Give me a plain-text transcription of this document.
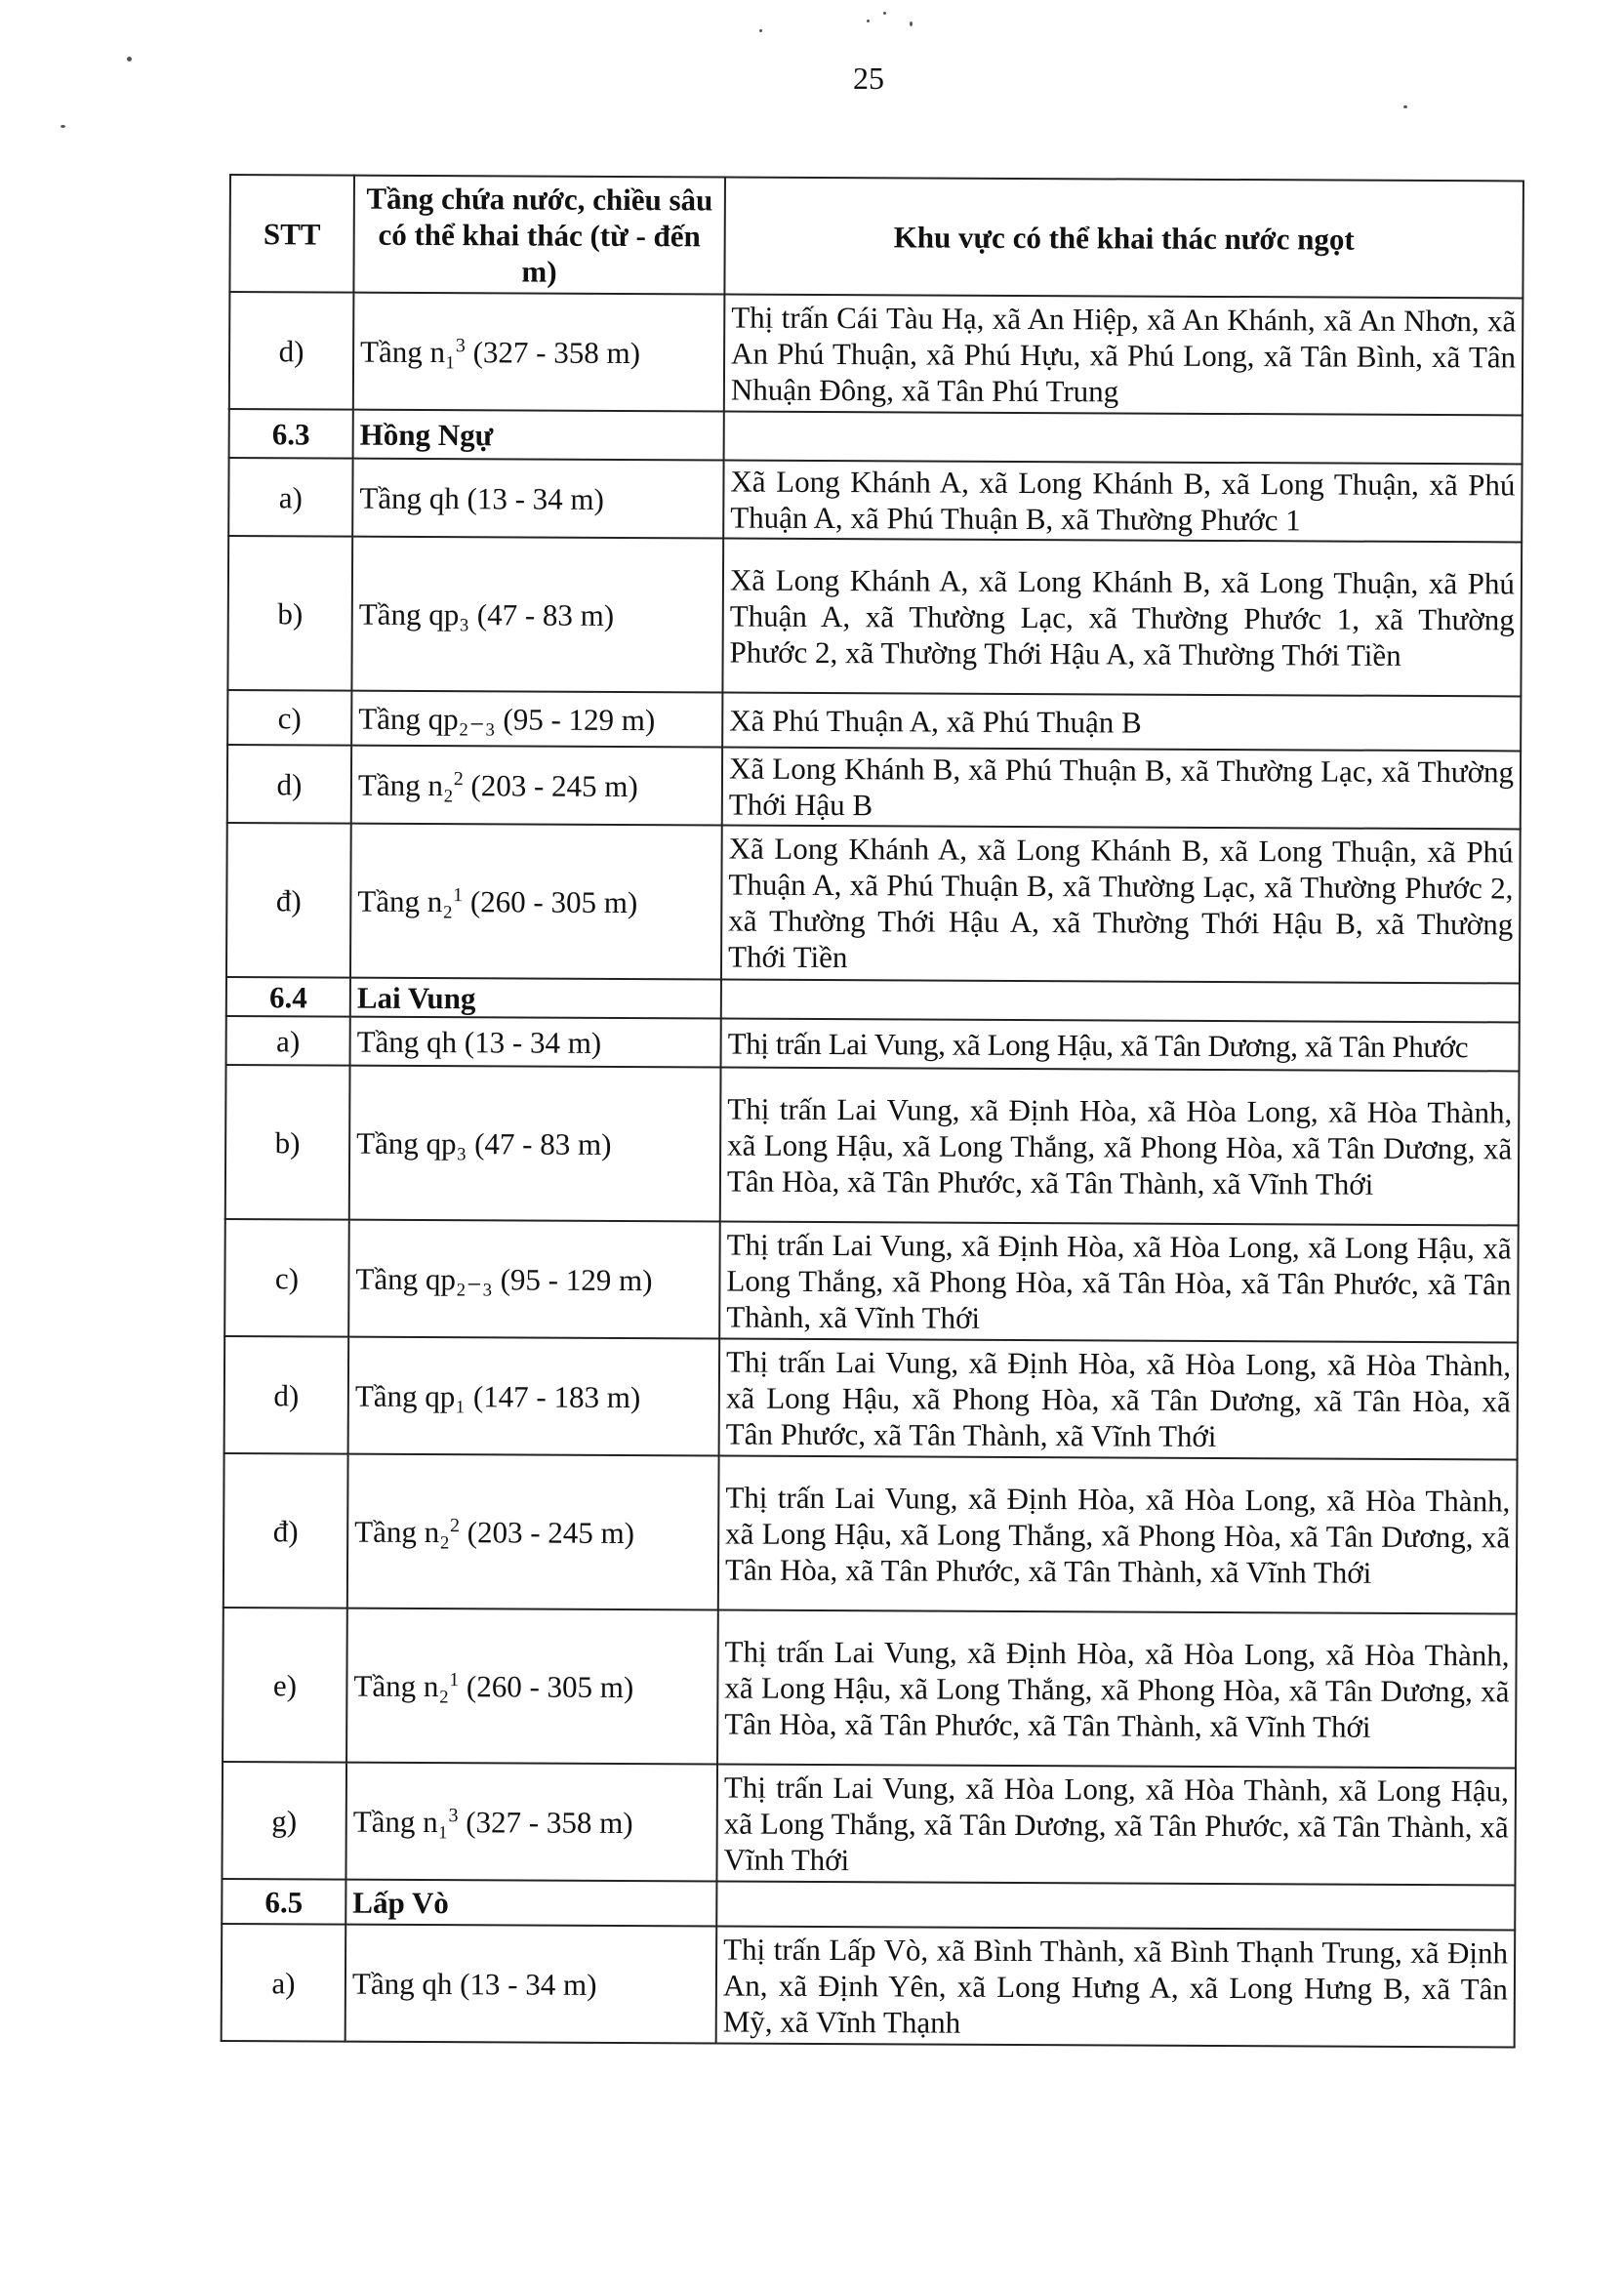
25
STT	Tầng chứa nước, chiều sâu có thể khai thác (từ - đến m)	Khu vực có thể khai thác nước ngọt
d)	Tầng n₁$^3$ (327 - 358 m)	Thị trấn Cái Tàu Hạ, xã An Hiệp, xã An Khánh, xã An Nhơn, xã An Phú Thuận, xã Phú Hựu, xã Phú Long, xã Tân Bình, xã Tân Nhuận Đông, xã Tân Phú Trung
6.3	Hồng Ngự	
a)	Tầng qh (13 - 34 m)	Xã Long Khánh A, xã Long Khánh B, xã Long Thuận, xã Phú Thuận A, xã Phú Thuận B, xã Thường Phước 1
b)	Tầng qp₃ (47 - 83 m)	Xã Long Khánh A, xã Long Khánh B, xã Long Thuận, xã Phú Thuận A, xã Thường Lạc, xã Thường Phước 1, xã Thường Phước 2, xã Thường Thới Hậu A, xã Thường Thới Tiền
c)	Tầng qp₂₋₃ (95 - 129 m)	Xã Phú Thuận A, xã Phú Thuận B
d)	Tầng n₂$^2$ (203 - 245 m)	Xã Long Khánh B, xã Phú Thuận B, xã Thường Lạc, xã Thường Thới Hậu B
đ)	Tầng n₂$^1$ (260 - 305 m)	Xã Long Khánh A, xã Long Khánh B, xã Long Thuận, xã Phú Thuận A, xã Phú Thuận B, xã Thường Lạc, xã Thường Phước 2, xã Thường Thới Hậu A, xã Thường Thới Hậu B, xã Thường Thới Tiền
6.4	Lai Vung	
a)	Tầng qh (13 - 34 m)	Thị trấn Lai Vung, xã Long Hậu, xã Tân Dương, xã Tân Phước
b)	Tầng qp₃ (47 - 83 m)	Thị trấn Lai Vung, xã Định Hòa, xã Hòa Long, xã Hòa Thành, xã Long Hậu, xã Long Thắng, xã Phong Hòa, xã Tân Dương, xã Tân Hòa, xã Tân Phước, xã Tân Thành, xã Vĩnh Thới
c)	Tầng qp₂₋₃ (95 - 129 m)	Thị trấn Lai Vung, xã Định Hòa, xã Hòa Long, xã Long Hậu, xã Long Thắng, xã Phong Hòa, xã Tân Hòa, xã Tân Phước, xã Tân Thành, xã Vĩnh Thới
d)	Tầng qp₁ (147 - 183 m)	Thị trấn Lai Vung, xã Định Hòa, xã Hòa Long, xã Hòa Thành, xã Long Hậu, xã Phong Hòa, xã Tân Dương, xã Tân Hòa, xã Tân Phước, xã Tân Thành, xã Vĩnh Thới
đ)	Tầng n₂$^2$ (203 - 245 m)	Thị trấn Lai Vung, xã Định Hòa, xã Hòa Long, xã Hòa Thành, xã Long Hậu, xã Long Thắng, xã Phong Hòa, xã Tân Dương, xã Tân Hòa, xã Tân Phước, xã Tân Thành, xã Vĩnh Thới
e)	Tầng n₂$^1$ (260 - 305 m)	Thị trấn Lai Vung, xã Định Hòa, xã Hòa Long, xã Hòa Thành, xã Long Hậu, xã Long Thắng, xã Phong Hòa, xã Tân Dương, xã Tân Hòa, xã Tân Phước, xã Tân Thành, xã Vĩnh Thới
g)	Tầng n₁$^3$ (327 - 358 m)	Thị trấn Lai Vung, xã Hòa Long, xã Hòa Thành, xã Long Hậu, xã Long Thắng, xã Tân Dương, xã Tân Phước, xã Tân Thành, xã Vĩnh Thới
6.5	Lấp Vò	
a)	Tầng qh (13 - 34 m)	Thị trấn Lấp Vò, xã Bình Thành, xã Bình Thạnh Trung, xã Định An, xã Định Yên, xã Long Hưng A, xã Long Hưng B, xã Tân Mỹ, xã Vĩnh Thạnh
